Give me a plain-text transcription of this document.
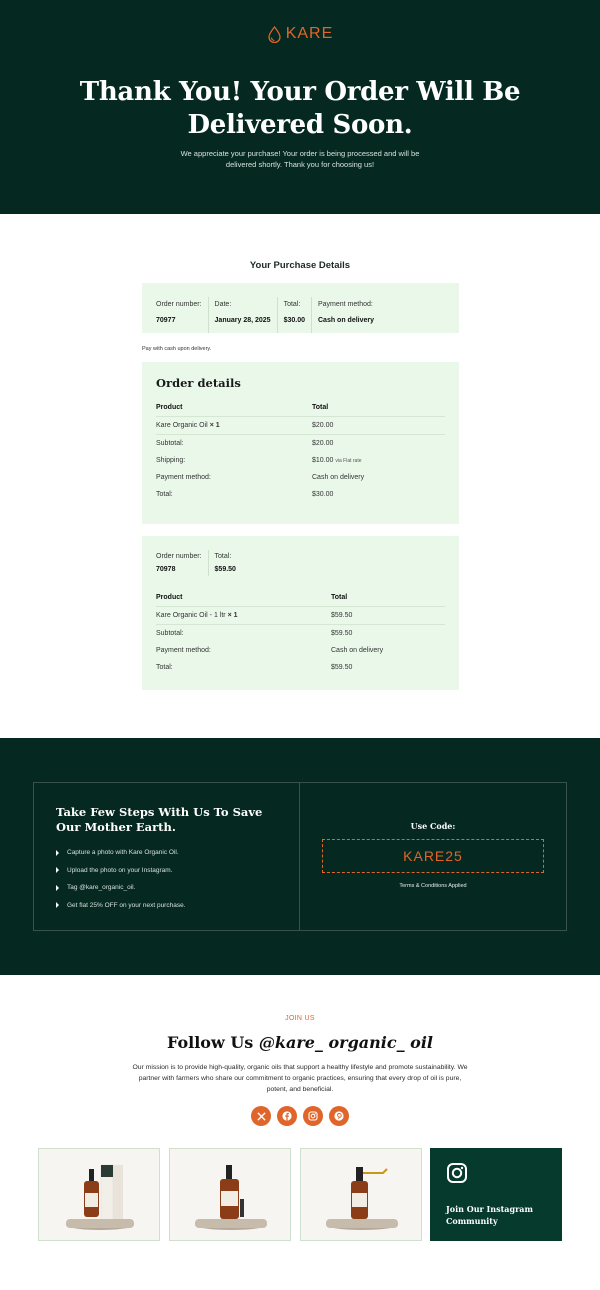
KARE
Thank You! Your Order Will Be Delivered Soon.

We appreciate your purchase! Your order is being processed and will be delivered shortly. Thank you for choosing us!

Your Purchase Details
Order number:
70977
Date:
January 28, 2025
Total:
$30.00
Payment method:
Cash on delivery
Pay with cash upon delivery.
Order details
Product	Total
Kare Organic Oil × 1	$20.00
Subtotal:	$20.00
Shipping:	$10.00 via Flat rate
Payment method:	Cash on delivery
Total:	$30.00
Order number:
70978
Total:
$59.50
Product	Total
Kare Organic Oil - 1 ltr × 1	$59.50
Subtotal:	$59.50
Payment method:	Cash on delivery
Total:	$59.50
Take Few Steps With Us To Save Our Mother Earth.
Capture a photo with Kare Organic Oil.
Upload the photo on your Instagram.
Tag @kare_organic_oil.
Get flat 25% OFF on your next purchase.
Use Code:
KARE25
Terms & Conditions Applied
JOIN US
Follow Us @kare_ organic_ oil

Our mission is to provide high-quality, organic oils that support a healthy lifestyle and promote sustainability. We partner with farmers who share our commitment to organic practices, ensuring that every drop of oil is pure, potent, and beneficial.

Join Our Instagram Community
